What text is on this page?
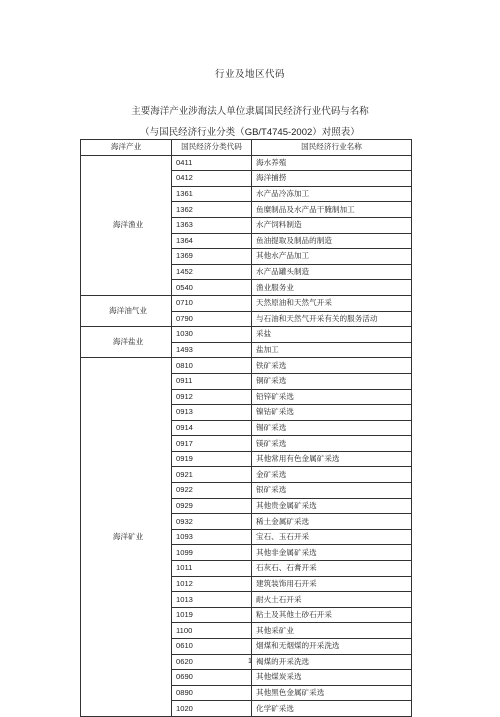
行业及地区代码
主要海洋产业涉海法人单位隶属国民经济行业代码与名称
（与国民经济行业分类（GB/T4745-2002）对照表）
海洋产业	国民经济分类代码	国民经济行业名称
海洋渔业	0411	海水养殖
	0412	海洋捕捞
	1361	水产品冷冻加工
	1362	鱼糜制品及水产品干腌制加工
	1363	水产饲料制造
	1364	鱼油提取及制品的制造
	1369	其他水产品加工
	1452	水产品罐头制造
	0540	渔业服务业
海洋油气业	0710	天然原油和天然气开采
	0790	与石油和天然气开采有关的服务活动
海洋盐业	1030	采盐
	1493	盐加工
海洋矿业	0810	铁矿采选
	0911	铜矿采选
	0912	铅锌矿采选
	0913	镍钴矿采选
	0914	锡矿采选
	0917	镁矿采选
	0919	其他常用有色金属矿采选
	0921	金矿采选
	0922	银矿采选
	0929	其他贵金属矿采选
	0932	稀土金属矿采选
	1093	宝石、玉石开采
	1099	其他非金属矿采选
	1011	石灰石、石膏开采
	1012	建筑装饰用石开采
	1013	耐火土石开采
	1019	粘土及其他土砂石开采
	1100	其他采矿业
	0610	烟煤和无烟煤的开采洗选
	0620	褐煤的开采洗选
	0690	其他煤炭采选
	0890	其他黑色金属矿采选
	1020	化学矿采选
1
